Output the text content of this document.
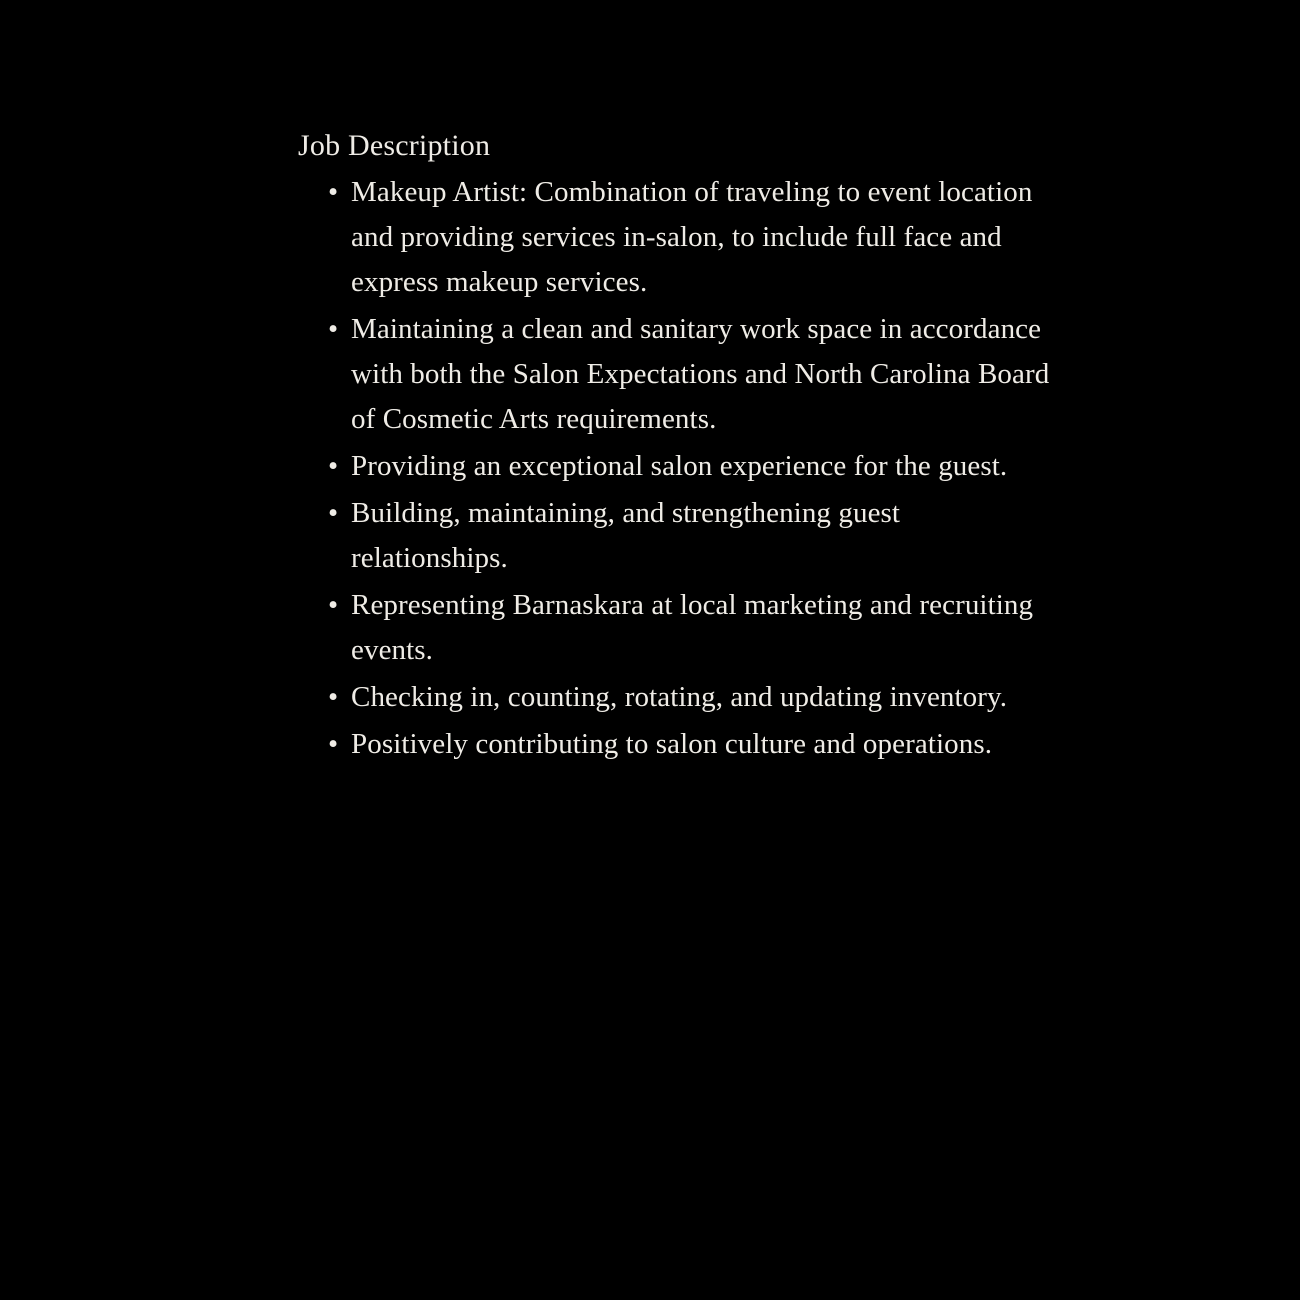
Job Description
• Makeup Artist: Combination of traveling to event location and providing services in-salon, to include full face and express makeup services.
• Maintaining a clean and sanitary work space in accordance with both the Salon Expectations and North Carolina Board of Cosmetic Arts requirements.
• Providing an exceptional salon experience for the guest.
• Building, maintaining, and strengthening guest relationships.
• Representing Barnaskara at local marketing and recruiting events.
• Checking in, counting, rotating, and updating inventory.
• Positively contributing to salon culture and operations.
